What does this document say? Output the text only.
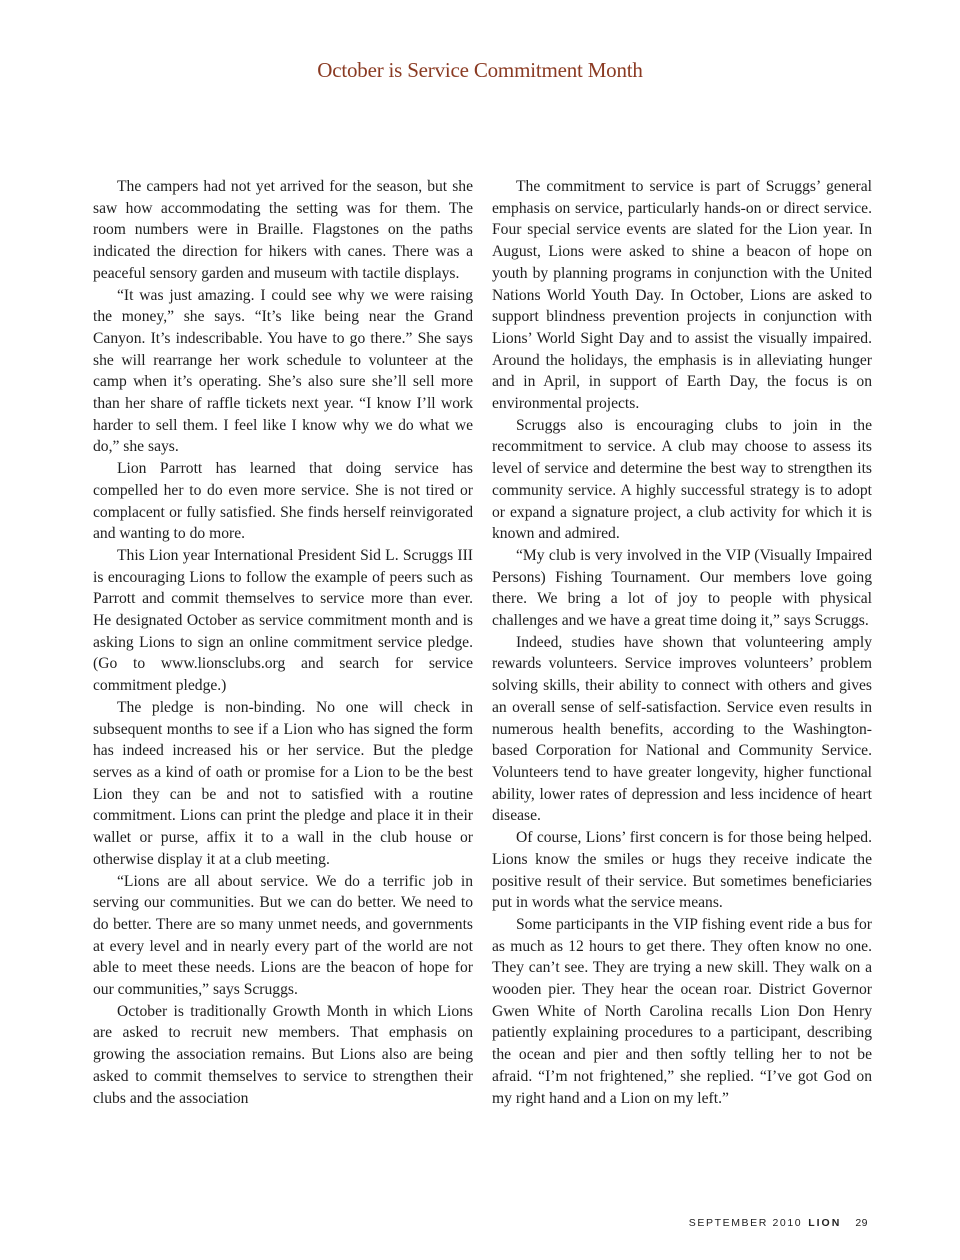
October is Service Commitment Month

The campers had not yet arrived for the season, but she saw how accommodating the setting was for them. The room numbers were in Braille. Flagstones on the paths indicated the direction for hikers with canes. There was a peaceful sensory garden and museum with tactile displays.

“It was just amazing. I could see why we were raising the money,” she says. “It’s like being near the Grand Canyon. It’s indescribable. You have to go there.” She says she will rearrange her work schedule to volunteer at the camp when it’s operating. She’s also sure she’ll sell more than her share of raffle tickets next year. “I know I’ll work harder to sell them. I feel like I know why we do what we do,” she says.

Lion Parrott has learned that doing service has compelled her to do even more service. She is not tired or complacent or fully satisfied. She finds herself reinvigorated and wanting to do more.

This Lion year International President Sid L. Scruggs III is encouraging Lions to follow the example of peers such as Parrott and commit themselves to service more than ever. He designated October as service commitment month and is asking Lions to sign an online commitment service pledge. (Go to www.lionsclubs.org and search for service commitment pledge.)

The pledge is non-binding. No one will check in subsequent months to see if a Lion who has signed the form has indeed increased his or her service. But the pledge serves as a kind of oath or promise for a Lion to be the best Lion they can be and not to satisfied with a routine commitment. Lions can print the pledge and place it in their wallet or purse, affix it to a wall in the club house or otherwise display it at a club meeting.

“Lions are all about service. We do a terrific job in serving our communities. But we can do better. We need to do better. There are so many unmet needs, and governments at every level and in nearly every part of the world are not able to meet these needs. Lions are the beacon of hope for our communities,” says Scruggs.

October is traditionally Growth Month in which Lions are asked to recruit new members. That emphasis on growing the association remains. But Lions also are being asked to commit themselves to service to strengthen their clubs and the association

The commitment to service is part of Scruggs’ general emphasis on service, particularly hands-on or direct service. Four special service events are slated for the Lion year. In August, Lions were asked to shine a beacon of hope on youth by planning programs in conjunction with the United Nations World Youth Day. In October, Lions are asked to support blindness prevention projects in conjunction with Lions’ World Sight Day and to assist the visually impaired. Around the holidays, the emphasis is in alleviating hunger and in April, in support of Earth Day, the focus is on environmental projects.

Scruggs also is encouraging clubs to join in the recommitment to service. A club may choose to assess its level of service and determine the best way to strengthen its community service. A highly successful strategy is to adopt or expand a signature project, a club activity for which it is known and admired.

“My club is very involved in the VIP (Visually Impaired Persons) Fishing Tournament. Our members love going there. We bring a lot of joy to people with physical challenges and we have a great time doing it,” says Scruggs.

Indeed, studies have shown that volunteering amply rewards volunteers. Service improves volunteers’ problem solving skills, their ability to connect with others and gives an overall sense of self-satisfaction. Service even results in numerous health benefits, according to the Washington-based Corporation for National and Community Service. Volunteers tend to have greater longevity, higher functional ability, lower rates of depression and less incidence of heart disease.

Of course, Lions’ first concern is for those being helped. Lions know the smiles or hugs they receive indicate the positive result of their service. But sometimes beneficiaries put in words what the service means.

Some participants in the VIP fishing event ride a bus for as much as 12 hours to get there. They often know no one. They can’t see. They are trying a new skill. They walk on a wooden pier. They hear the ocean roar. District Governor Gwen White of North Carolina recalls Lion Don Henry patiently explaining procedures to a participant, describing the ocean and pier and then softly telling her to not be afraid. “I’m not frightened,” she replied. “I’ve got God on my right hand and a Lion on my left.”

SEPTEMBER 2010 LION 29
